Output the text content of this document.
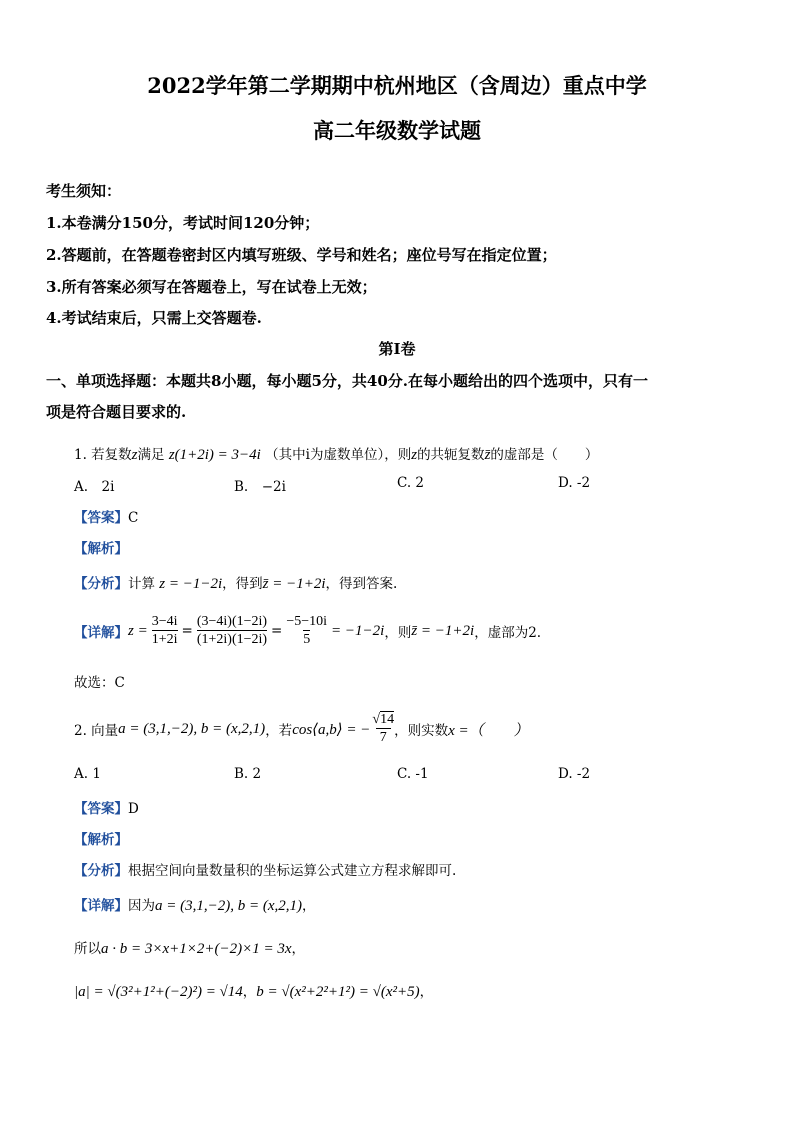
2022学年第二学期期中杭州地区（含周边）重点中学
高二年级数学试题
考生须知：
1.本卷满分150分，考试时间120分钟；
2.答题前，在答题卷密封区内填写班级、学号和姓名；座位号写在指定位置；
3.所有答案必须写在答题卷上，写在试卷上无效；
4.考试结束后，只需上交答题卷.
第I卷
一、单项选择题：本题共8小题，每小题5分，共40分.在每小题给出的四个选项中，只有一
项是符合题目要求的.
1. 若复数z满足 z(1+2i) = 3−4i （其中i为虚数单位），则z的共轭复数z̄的虚部是（　　）
A.　2i	B.　−2i	C. 2	D. -2
【答案】C
【解析】
【分析】计算 z = −1−2i，得到z̄ = −1+2i，得到答案.
【详解】 $z = \frac{3-4i}{1+2i} = \frac{(3-4i)(1-2i)}{(1+2i)(1-2i)} = \frac{-5-10i}{5} = -1-2i$ ，则 z̄ = −1+2i ，虚部为2.
故选：C
2. 向量 a = (3,1,−2), b = (x,2,1) ，若 cos⟨a,b⟩ = − $\frac{√14}{7}$ ，则实数 x =（　　）
A. 1	B. 2	C. -1	D. -2
【答案】D
【解析】
【分析】根据空间向量数量积的坐标运算公式建立方程求解即可.
【详解】因为a = (3,1,−2), b = (x,2,1)，
所以a · b = 3×x+1×2+(−2)×1 = 3x，
|a| = √(3²+1²+(−2)²) = √14，b = √(x²+2²+1²) = √(x²+5)，
